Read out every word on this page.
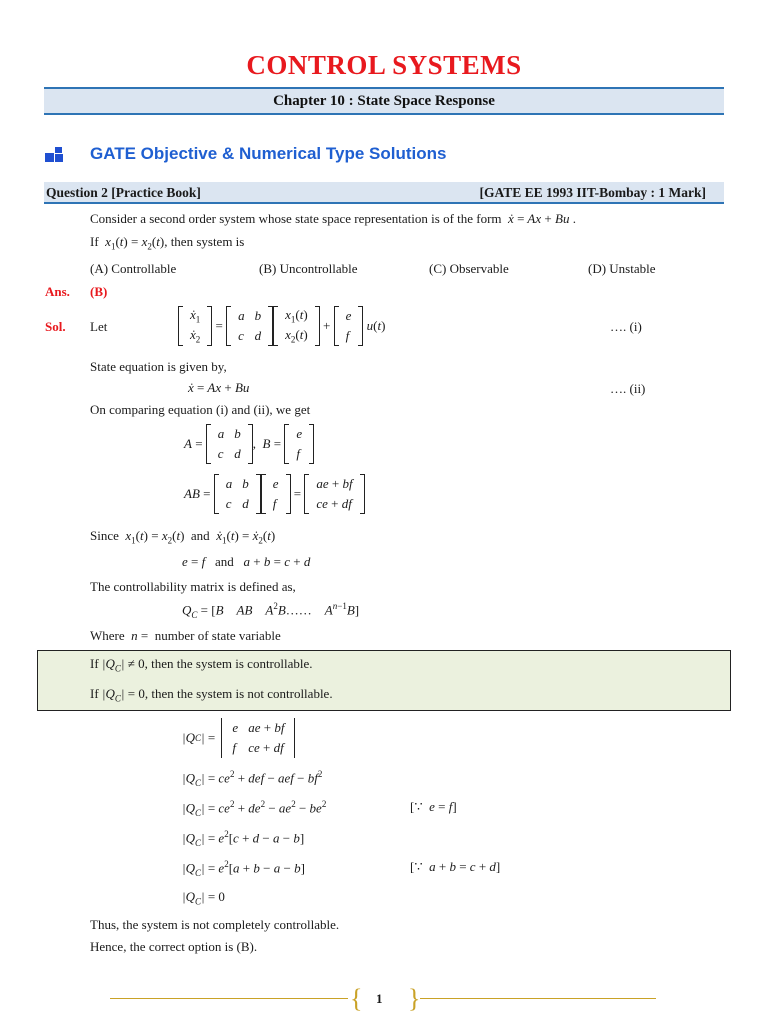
CONTROL SYSTEMS
Chapter 10 : State Space Response
GATE Objective & Numerical Type Solutions
Question 2 [Practice Book]	[GATE EE 1993 IIT-Bombay : 1 Mark]
Consider a second order system whose state space representation is of the form  ẋ = Ax + Bu .
If  $x_1(t) = x_2(t)$, then system is
(A) Controllable	(B) Uncontrollable	(C) Observable	(D) Unstable
Ans. (B)
Sol. Let
ẋ$_1$
ẋ$_2$
=
a	b
c	d
$x_1(t)$
$x_2(t)$
+
e
f
u ( t )	…. (i)
State equation is given by,
ẋ = Ax + Bu	…. (ii)
On comparing equation (i) and (ii), we get
A =
a	b
c	d
, B =
e
f
AB =
a	b
c	d
e
f
=
ae + bf
ce + df
Since  $x_1(t) = x_2(t)$ and  ẋ$_1$(t) = ẋ$_2$(t)
e = f and a + b = c + d
The controllability matrix is defined as,
$Q_C = [B$    AB    $A^2B\dots\dots$    $A^{n-1}B$]
Where  n = number of state variable
If $|Q_C| \ne 0$, then the system is controllable.
If $|Q_C| = 0$, then the system is not controllable.
|Q C | =
e	ae + bf
f	ce + df
$|Q_C| = ce^2$ + def − aef − $bf^2$
$|Q_C| = ce^2 + de^2 - ae^2 - be^2$	[∵  e = f]
$|Q_C| = e^2[c + d - a - b]$
$|Q_C| = e^2[a + b - a - b]$	[∵  a + b = c + d]
$|Q_C| = 0$
Thus, the system is not completely controllable.
Hence, the correct option is (B).
{ 1 }
